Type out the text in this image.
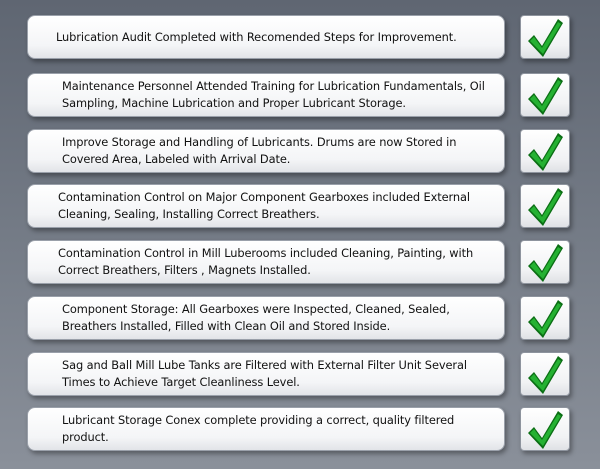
Lubrication Audit Completed with Recomended Steps for Improvement.
Maintenance Personnel Attended Training for Lubrication Fundamentals, Oil Sampling, Machine Lubrication and Proper Lubricant Storage.
Improve Storage and Handling of Lubricants. Drums are now Stored in Covered Area, Labeled with Arrival Date.
Contamination Control on Major Component Gearboxes included External Cleaning, Sealing, Installing Correct Breathers.
Contamination Control in Mill Luberooms included Cleaning, Painting, with Correct Breathers, Filters , Magnets Installed.
Component Storage: All Gearboxes were Inspected, Cleaned, Sealed, Breathers Installed, Filled with Clean Oil and Stored Inside.
Sag and Ball Mill Lube Tanks are Filtered with External Filter Unit Several Times to Achieve Target Cleanliness Level.
Lubricant Storage Conex complete providing a correct, quality filtered product.
